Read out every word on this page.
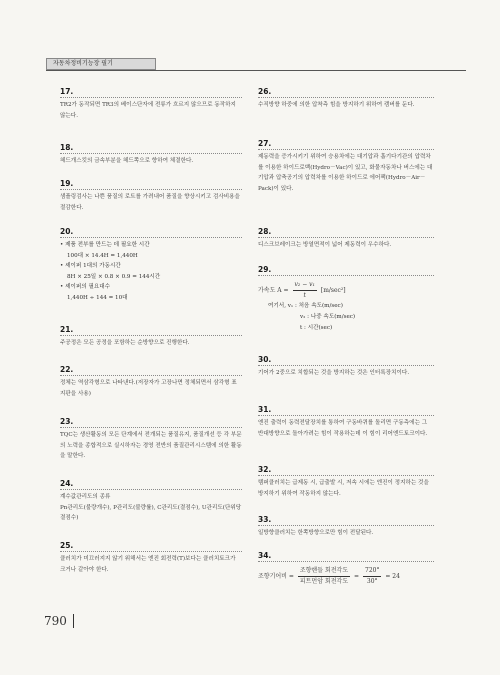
자동차정비기능장 필기
17.
TR2가 동작되면 TR3의 베이스단자에 전류가 흐르지 않으므로 동작하지 않는다.
18.
헤드개스킷의 금속부분을 헤드쪽으로 향하여 체결한다.
19.
샘플링검사는 나쁜 품질의 로트를 가려내어 품질을 향상시키고 검사비용을 절감한다.
20.
• 제품 전부를 만드는 데 필요한 시간
100대 × 14.4H = 1,440H
• 셰이퍼 1대의 가동시간
8H × 25일 × 0.8 × 0.9 = 144시간
• 셰이퍼의 필요대수
1,440H ÷ 144 = 10대
21.
주공정은 모든 공정을 포함하는 순방향으로 진행한다.
22.
정체는 역삼각형으로 나타낸다.(저장자가 고장나면 정체되면서 삼각형 표지판을 사용)
23.
TQC는 생산활동의 모든 단계에서 전개되는 품질유지, 품질개선 등 각 부문의 노력을 종합적으로 실시하자는 경영 전반의 품질관리시스템에 의한 활동을 말한다.
24.
계수값관리도의 종류
Pn관리도(불량개수), P관리도(불량률), C관리도(결점수), U관리도(단위당 결점수)
25.
클러치가 미끄러지지 않기 위해서는 엔진 회전력(T)보다는 클러치토크가 크거나 같아야 한다.
26.
수직방향 하중에 의한 압착측 힘을 방지하기 위하여 캠버를 둔다.
27.
제동력을 증가시키기 위하여 승용차에는 대기압과 흡기다기관의 압력차를 이용한 하이드로백(Hydro－Vac)이 있고, 화물자동차나 버스에는 대기압과 압축공기의 압력차를 이용한 하이드로 에어팩(Hydro－Air－Pack)이 있다.
28.
디스크브레이크는 방열면적이 넓어 제동력이 우수하다.
29.
가속도 $A = \frac{\text{v₂ − v₁}}{t} [m/\sec^2]$
여기서, v₁ : 처음 속도(m/sec)
v₂ : 나중 속도(m/sec)
t : 시간(sec)
30.
기어가 2중으로 치합되는 것을 방지하는 것은 인터록장치이다.
31.
엔진 출력이 동력전달장치를 통하여 구동바퀴를 돌리면 구동측에는 그 반대방향으로 돌아가려는 힘이 작용하는데 이 힘이 리어엔드토크이다.
32.
템퍼클러치는 급제동 시, 급출발 시, 저속 시에는 엔진이 정지하는 것을 방지하기 위하여 작동하지 않는다.
33.
일방향클러치는 한쪽방향으로만 힘이 전달된다.
34.
조향기어비 = $\frac{\text{조향핸들 회전각도}}{\text{피트먼암 회전각도}} = \frac{720^\circ}{30^\circ} = 24$
790
